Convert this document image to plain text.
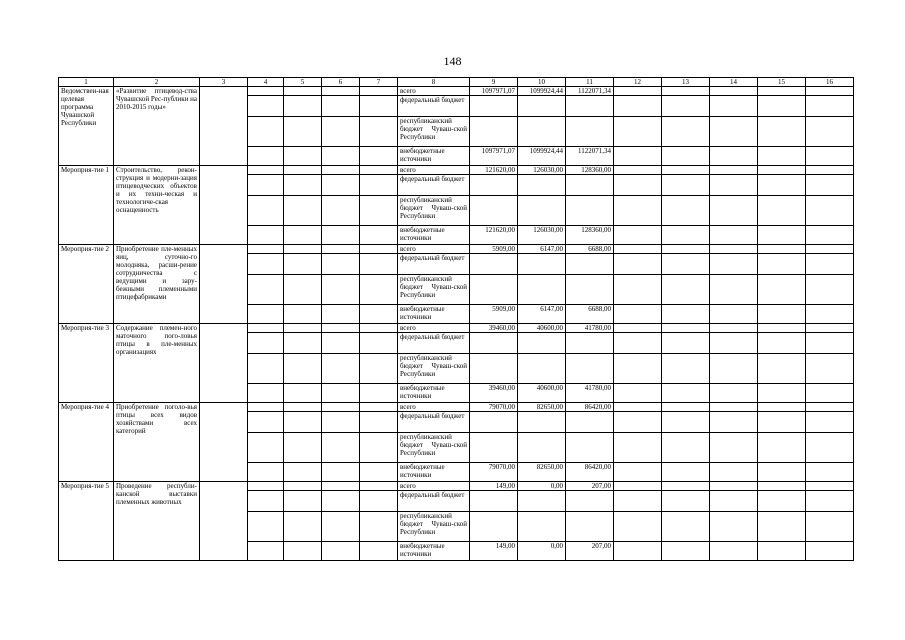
148
1	2	3	4	5	6	7	8	9	10	11	12	13	14	15	16
Ведомствен-ная целевая программа Чувашской Республики	«Развитие птицевод-ства Чувашской Рес-публики на 2010-2015 годы»						всего	1097971,07	1099924,44	1122071,34					
							федеральный бюджет								
							республиканский бюджет Чуваш-ской Республики								
							внебюджетные источники	1097971,07	1099924,44	1122071,34					
Мероприя-тие 1	Строительство, рекон-струкция и модерни-зация птицеводческих объектов и их техни-ческая и технологиче-ская оснащенность						всего	121620,00	126030,00	128360,00					
							федеральный бюджет								
							республиканский бюджет Чуваш-ской Республики								
							внебюджетные источники	121620,00	126030,00	128360,00					
Мероприя-тие 2	Приобретение пле-менных яиц, суточно-го молодняка, расши-рение сотрудничества с ведущими и зару-бежными племенными птицефабриками						всего	5909,00	6147,00	6688,00					
							федеральный бюджет								
							республиканский бюджет Чуваш-ской Республики								
							внебюджетные источники	5909,00	6147,00	6688,00					
Мероприя-тие 3	Содержание племен-ного маточного пого-ловья птицы в пле-менных организациях						всего	39460,00	40600,00	41780,00					
							федеральный бюджет								
							республиканский бюджет Чуваш-ской Республики								
							внебюджетные источники	39460,00	40600,00	41780,00					
Мероприя-тие 4	Приобретение поголо-вья птицы всех видов хозяйствами всех категорий						всего	79070,00	82650,00	86420,00					
							федеральный бюджет								
							республиканский бюджет Чуваш-ской Республики								
							внебюджетные источники	79070,00	82650,00	86420,00					
Мероприя-тие 5	Проведение республи-канской выставки племенных животных						всего	149,00	0,00	207,00					
							федеральный бюджет								
							республиканский бюджет Чуваш-ской Республики								
							внебюджетные источники	149,00	0,00	207,00					
